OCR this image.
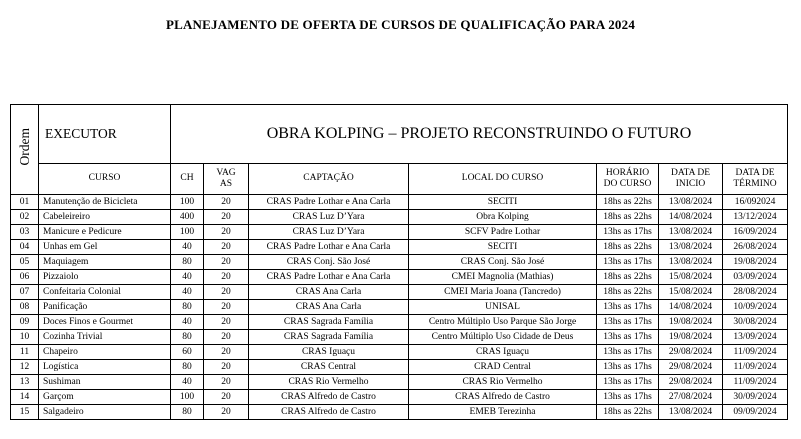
PLANEJAMENTO DE OFERTA DE CURSOS DE QUALIFICAÇÃO PARA 2024
Ordem	EXECUTOR	OBRA KOLPING – PROJETO RECONSTRUINDO O FUTURO						
	CURSO	CH	VAGAS	CAPTAÇÃO	LOCAL DO CURSO	HORÁRIO DO CURSO	DATA DE INICIO	DATA DE TÉRMINO
01	Manutenção de Bicicleta	100	20	CRAS Padre Lothar e Ana Carla	SECITI	18hs as 22hs	13/08/2024	16/092024
02	Cabeleireiro	400	20	CRAS Luz D’Yara	Obra Kolping	18hs as 22hs	14/08/2024	13/12/2024
03	Manicure e Pedicure	100	20	CRAS Luz D’Yara	SCFV Padre Lothar	13hs as 17hs	13/08/2024	16/09/2024
04	Unhas em Gel	40	20	CRAS Padre Lothar e Ana Carla	SECITI	18hs as 22hs	13/08/2024	26/08/2024
05	Maquiagem	80	20	CRAS Conj. São José	CRAS Conj. São José	13hs as 17hs	13/08/2024	19/08/2024
06	Pizzaiolo	40	20	CRAS Padre Lothar e Ana Carla	CMEI Magnolia (Mathias)	18hs as 22hs	15/08/2024	03/09/2024
07	Confeitaria Colonial	40	20	CRAS Ana Carla	CMEI Maria Joana (Tancredo)	18hs as 22hs	15/08/2024	28/08/2024
08	Panificação	80	20	CRAS Ana Carla	UNISAL	13hs as 17hs	14/08/2024	10/09/2024
09	Doces Finos e Gourmet	40	20	CRAS Sagrada Família	Centro Múltiplo Uso Parque São Jorge	13hs as 17hs	19/08/2024	30/08/2024
10	Cozinha Trivial	80	20	CRAS Sagrada Família	Centro Múltiplo Uso Cidade de Deus	13hs as 17hs	19/08/2024	13/09/2024
11	Chapeiro	60	20	CRAS Iguaçu	CRAS Iguaçu	13hs as 17hs	29/08/2024	11/09/2024
12	Logística	80	20	CRAS Central	CRAD Central	13hs as 17hs	29/08/2024	11/09/2024
13	Sushiman	40	20	CRAS Rio Vermelho	CRAS Rio Vermelho	13hs as 17hs	29/08/2024	11/09/2024
14	Garçom	100	20	CRAS Alfredo de Castro	CRAS Alfredo de Castro	13hs as 17hs	27/08/2024	30/09/2024
15	Salgadeiro	80	20	CRAS Alfredo de Castro	EMEB Terezinha	18hs as 22hs	13/08/2024	09/09/2024
